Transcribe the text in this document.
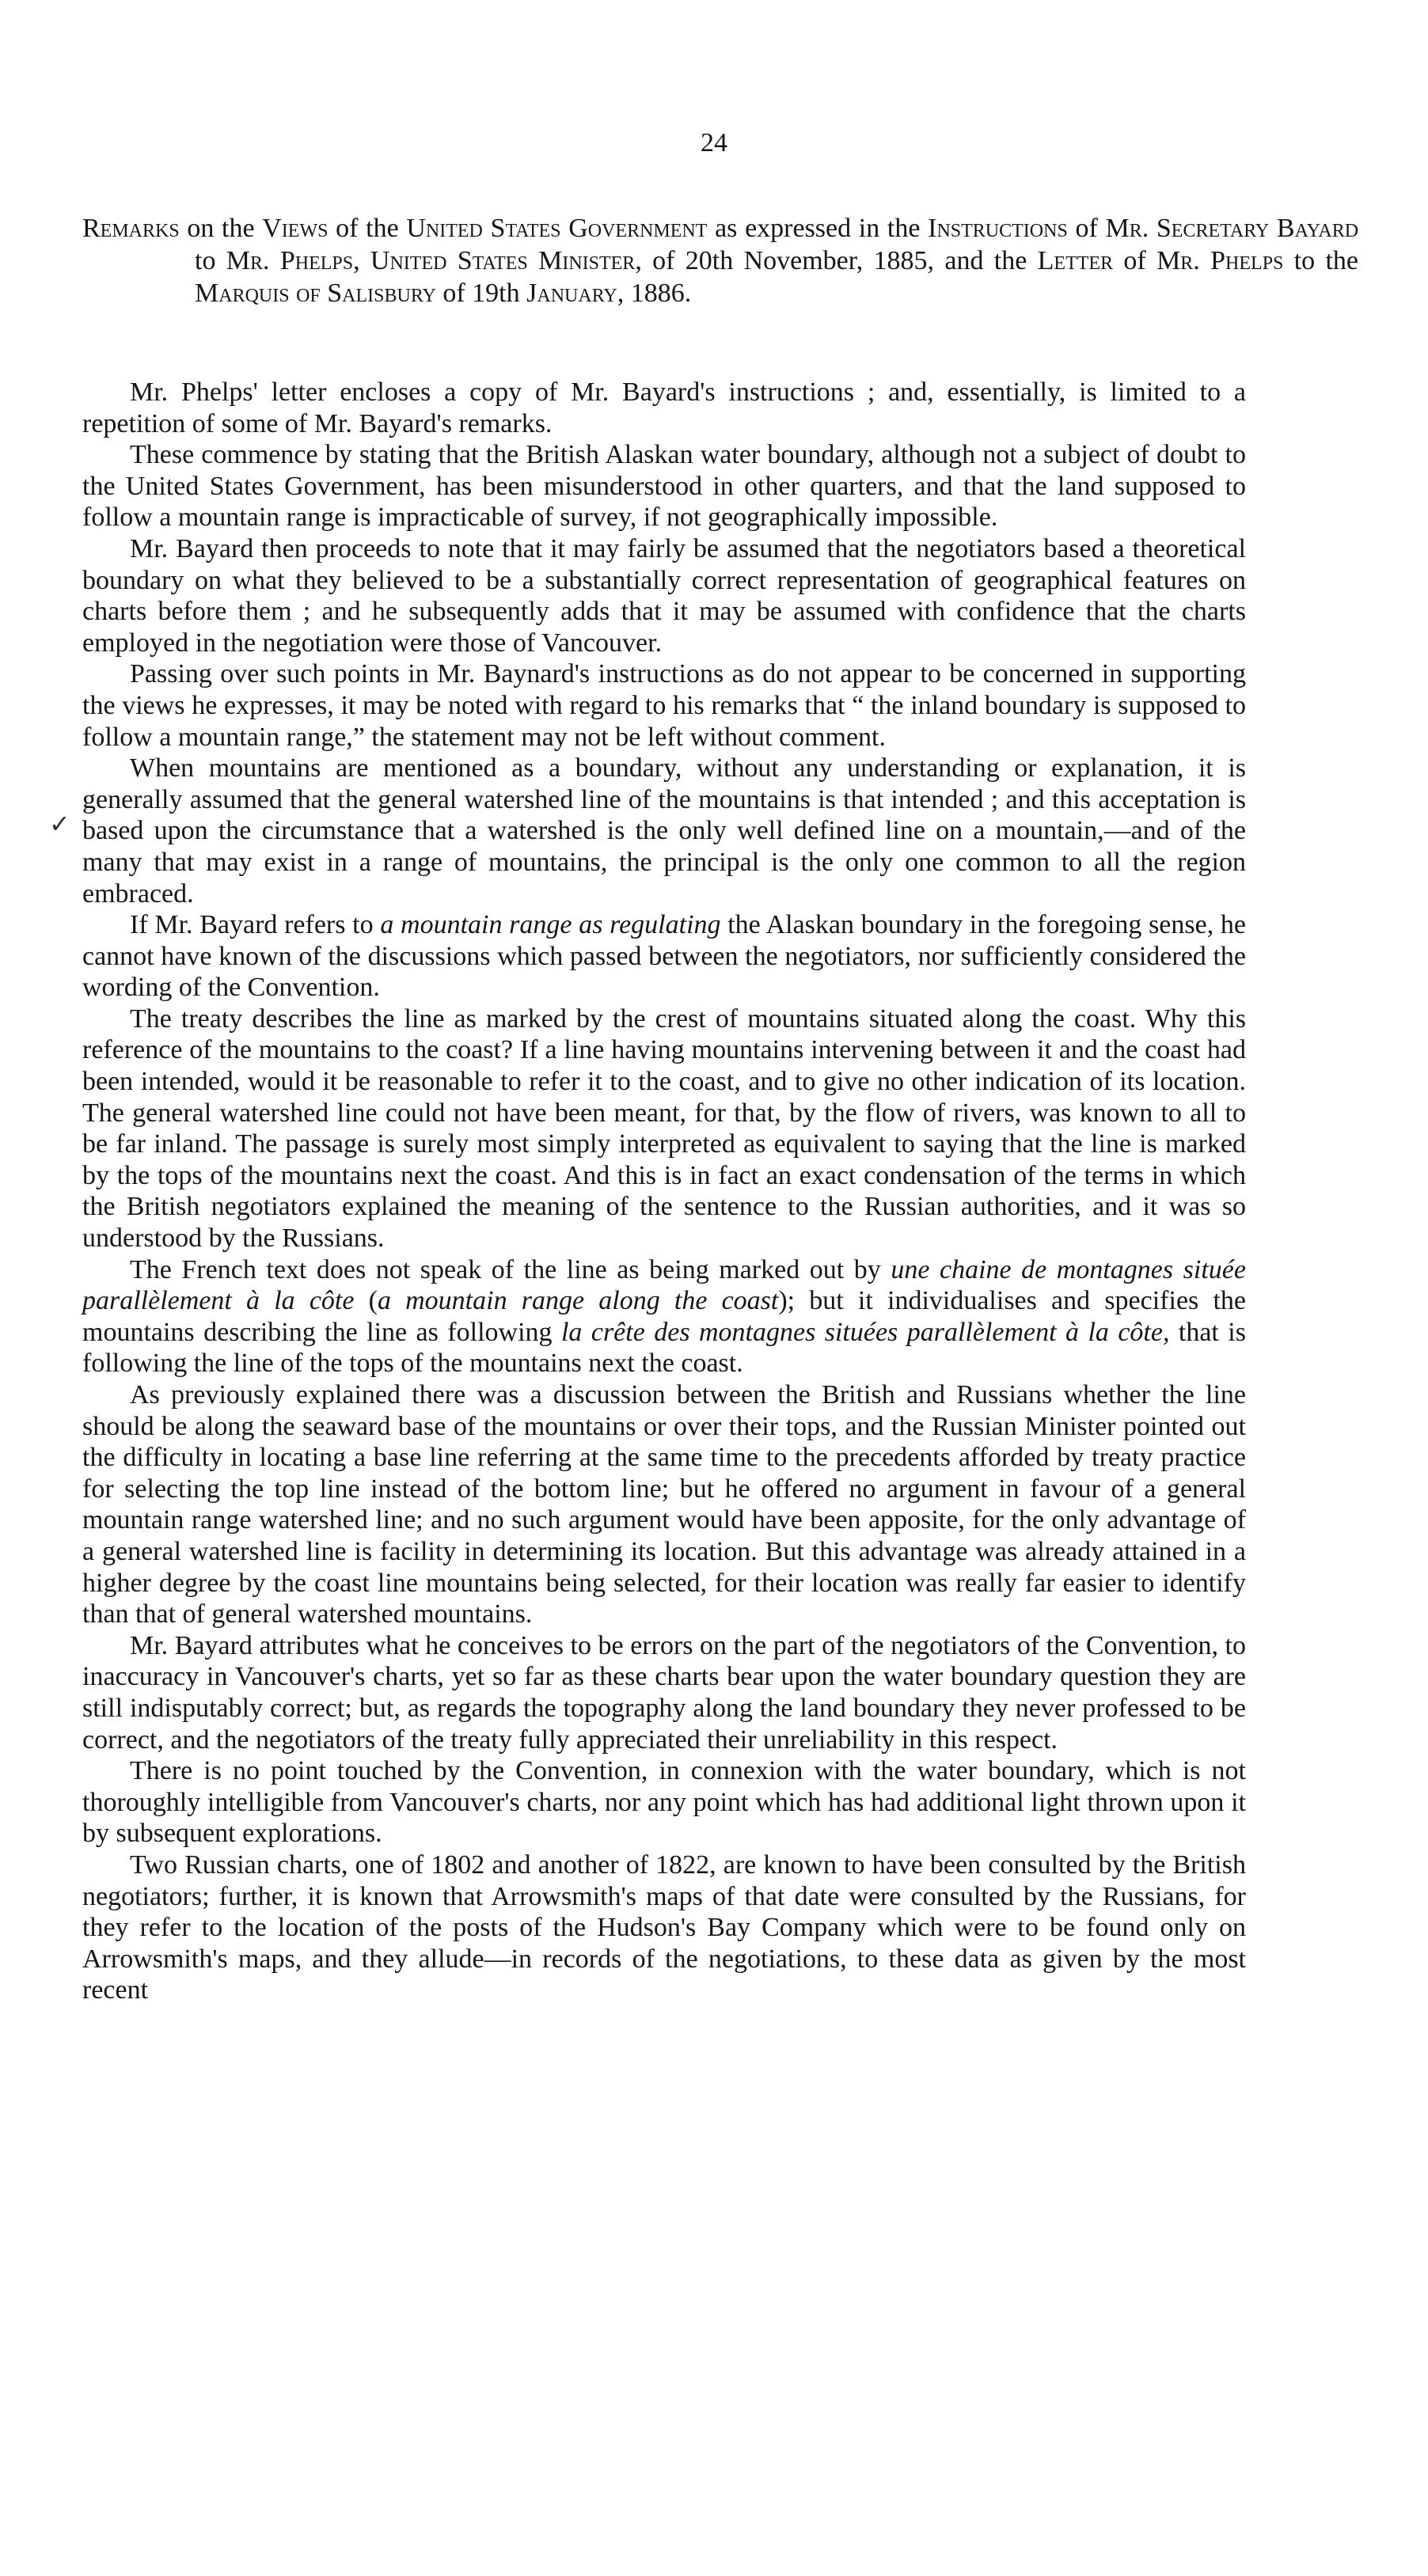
24
Remarks on the Views of the United States Government as expressed in the Instructions of Mr. Secretary Bayard to Mr. Phelps, United States Minister, of 20th November, 1885, and the Letter of Mr. Phelps to the Marquis of Salisbury of 19th January, 1886.
✓

Mr. Phelps' letter encloses a copy of Mr. Bayard's instructions ; and, essentially, is limited to a repetition of some of Mr. Bayard's remarks.

These commence by stating that the British Alaskan water boundary, although not a subject of doubt to the United States Government, has been misunderstood in other quarters, and that the land supposed to follow a mountain range is impracticable of survey, if not geographically impossible.

Mr. Bayard then proceeds to note that it may fairly be assumed that the negotiators based a theoretical boundary on what they believed to be a substantially correct representation of geographical features on charts before them ; and he subsequently adds that it may be assumed with confidence that the charts employed in the negotiation were those of Vancouver.

Passing over such points in Mr. Baynard's instructions as do not appear to be concerned in supporting the views he expresses, it may be noted with regard to his remarks that “ the inland boundary is supposed to follow a mountain range,” the statement may not be left without comment.

When mountains are mentioned as a boundary, without any understanding or explanation, it is generally assumed that the general watershed line of the mountains is that intended ; and this acceptation is based upon the circumstance that a watershed is the only well defined line on a mountain,—and of the many that may exist in a range of mountains, the principal is the only one common to all the region embraced.

If Mr. Bayard refers to a mountain range as regulating the Alaskan boundary in the foregoing sense, he cannot have known of the discussions which passed between the negotiators, nor sufficiently considered the wording of the Convention.

The treaty describes the line as marked by the crest of mountains situated along the coast. Why this reference of the mountains to the coast? If a line having mountains intervening between it and the coast had been intended, would it be reasonable to refer it to the coast, and to give no other indication of its location. The general watershed line could not have been meant, for that, by the flow of rivers, was known to all to be far inland. The passage is surely most simply interpreted as equivalent to saying that the line is marked by the tops of the mountains next the coast. And this is in fact an exact condensation of the terms in which the British negotiators explained the meaning of the sentence to the Russian authorities, and it was so understood by the Russians.

The French text does not speak of the line as being marked out by une chaine de montagnes située parallèlement à la côte (a mountain range along the coast); but it individualises and specifies the mountains describing the line as following la crête des montagnes situées parallèlement à la côte, that is following the line of the tops of the mountains next the coast.

As previously explained there was a discussion between the British and Russians whether the line should be along the seaward base of the mountains or over their tops, and the Russian Minister pointed out the difficulty in locating a base line referring at the same time to the precedents afforded by treaty practice for selecting the top line instead of the bottom line; but he offered no argument in favour of a general mountain range watershed line; and no such argument would have been apposite, for the only advantage of a general watershed line is facility in determining its location. But this advantage was already attained in a higher degree by the coast line mountains being selected, for their location was really far easier to identify than that of general watershed mountains.

Mr. Bayard attributes what he conceives to be errors on the part of the negotiators of the Convention, to inaccuracy in Vancouver's charts, yet so far as these charts bear upon the water boundary question they are still indisputably correct; but, as regards the topography along the land boundary they never professed to be correct, and the negotiators of the treaty fully appreciated their unreliability in this respect.

There is no point touched by the Convention, in connexion with the water boundary, which is not thoroughly intelligible from Vancouver's charts, nor any point which has had additional light thrown upon it by subsequent explorations.

Two Russian charts, one of 1802 and another of 1822, are known to have been consulted by the British negotiators; further, it is known that Arrowsmith's maps of that date were consulted by the Russians, for they refer to the location of the posts of the Hudson's Bay Company which were to be found only on Arrowsmith's maps, and they allude—in records of the negotiations, to these data as given by the most recent
